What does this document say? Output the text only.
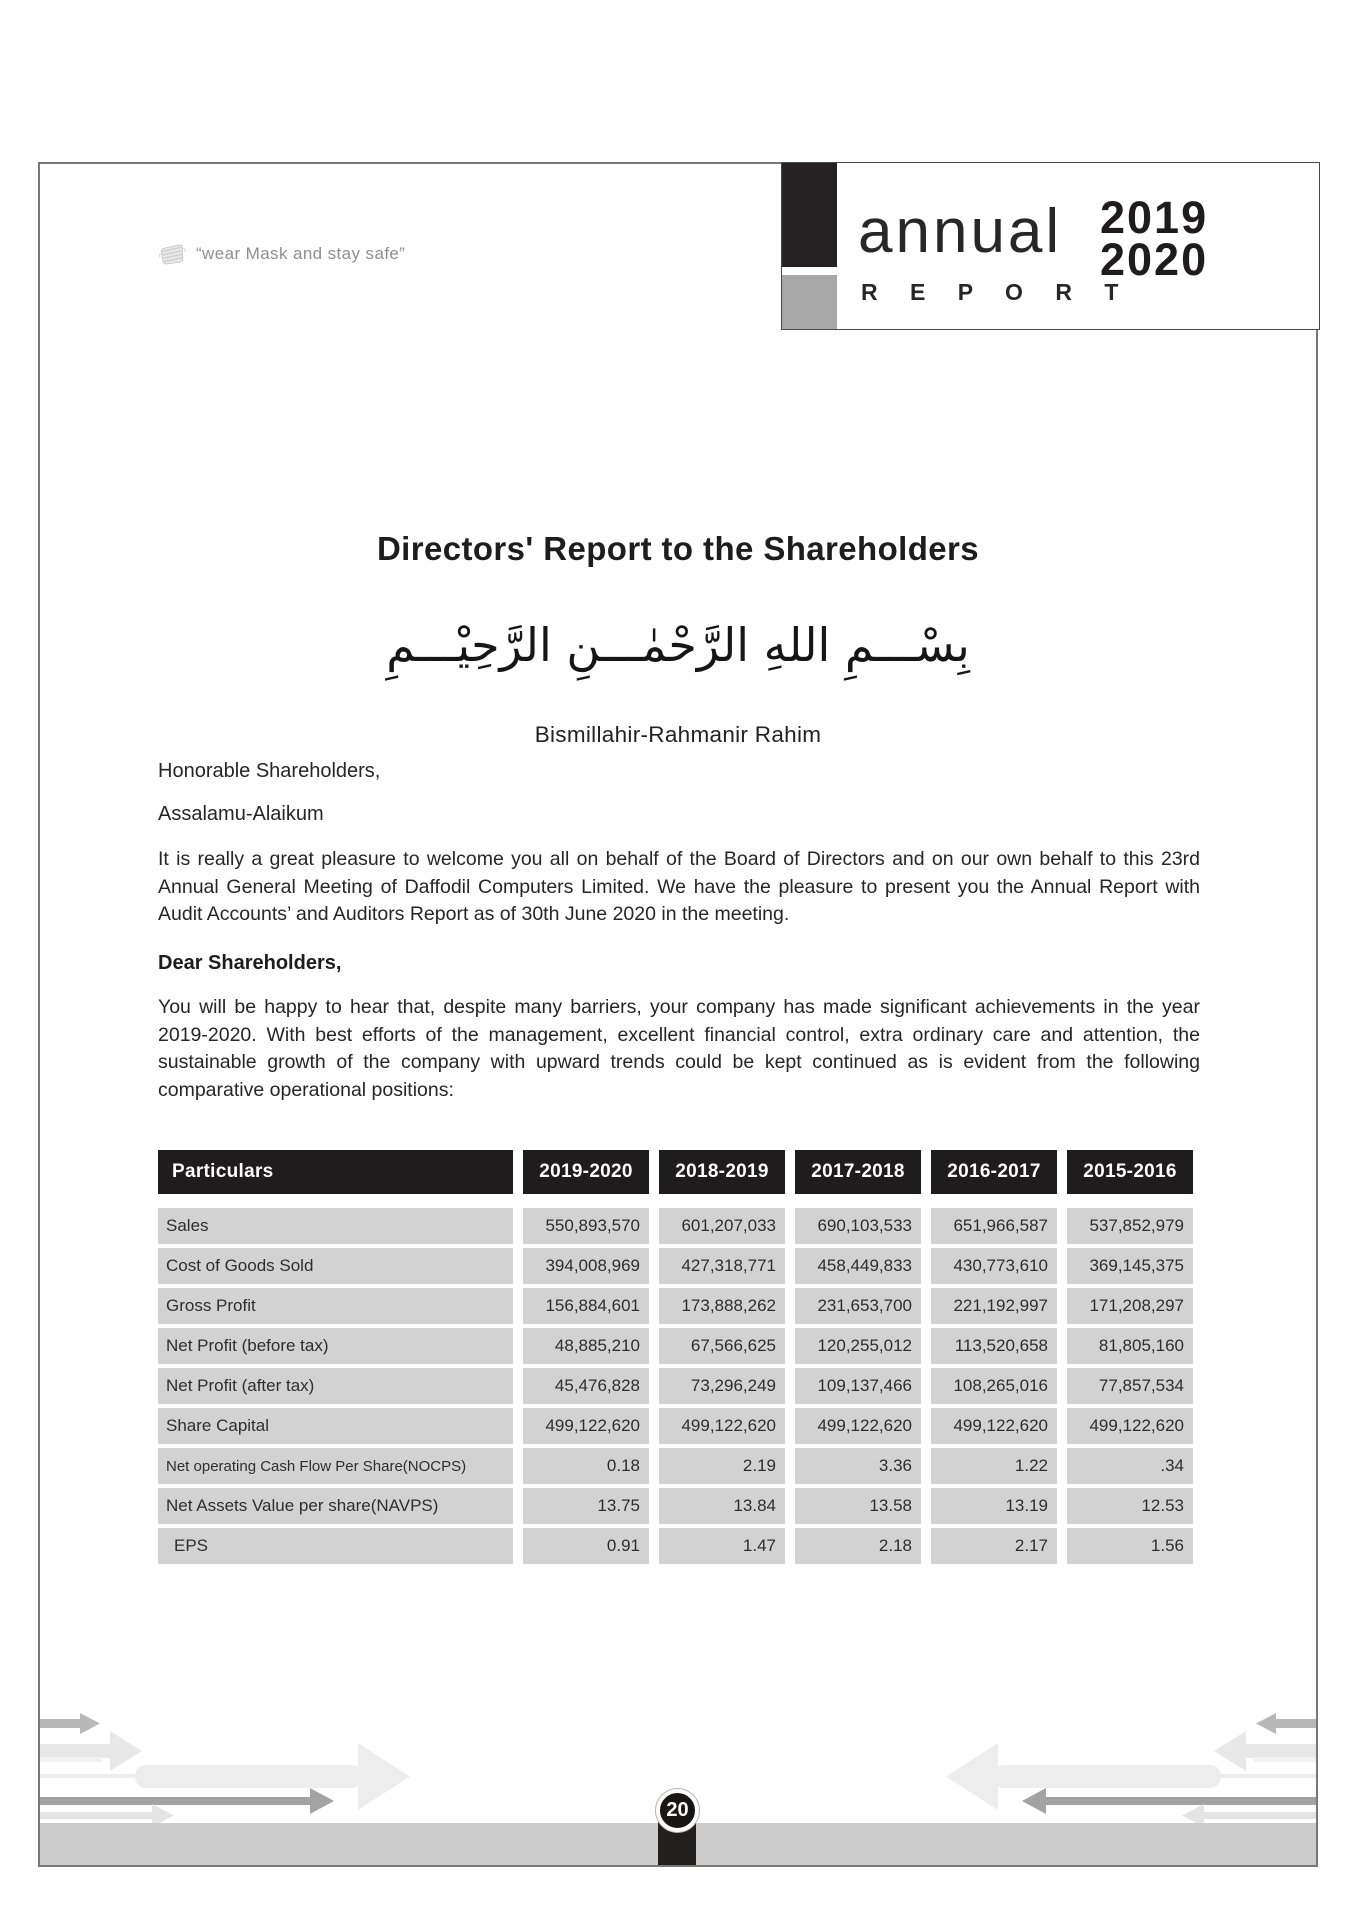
“wear Mask and stay safe”	annual
R E P O R T
2019
2020
Directors' Report to the Shareholders
بِسْـــمِ اللهِ الرَّحْمٰـــنِ الرَّحِيْـــمِ
Bismillahir-Rahmanir Rahim
Honorable Shareholders,
Assalamu-Alaikum
It is really a great pleasure to welcome you all on behalf of the Board of Directors and on our own behalf to this 23rd Annual General Meeting of Daffodil Computers Limited. We have the pleasure to present you the Annual Report with Audit Accounts’ and Auditors Report as of 30th June 2020 in the meeting.
Dear Shareholders,
You will be happy to hear that, despite many barriers, your company has made significant achievements in the year 2019-2020. With best efforts of the management, excellent financial control, extra ordinary care and attention, the sustainable growth of the company with upward trends could be kept continued as is evident from the following comparative operational positions:
Particulars	2019-2020	2018-2019	2017-2018	2016-2017	2015-2016
Sales	550,893,570	601,207,033	690,103,533	651,966,587	537,852,979
Cost of Goods Sold	394,008,969	427,318,771	458,449,833	430,773,610	369,145,375
Gross Profit	156,884,601	173,888,262	231,653,700	221,192,997	171,208,297
Net Profit (before tax)	48,885,210	67,566,625	120,255,012	113,520,658	81,805,160
Net Profit (after tax)	45,476,828	73,296,249	109,137,466	108,265,016	77,857,534
Share Capital	499,122,620	499,122,620	499,122,620	499,122,620	499,122,620
Net operating Cash Flow Per Share(NOCPS)	0.18	2.19	3.36	1.22	.34
Net Assets Value per share(NAVPS)	13.75	13.84	13.58	13.19	12.53
EPS	0.91	1.47	2.18	2.17	1.56
20
